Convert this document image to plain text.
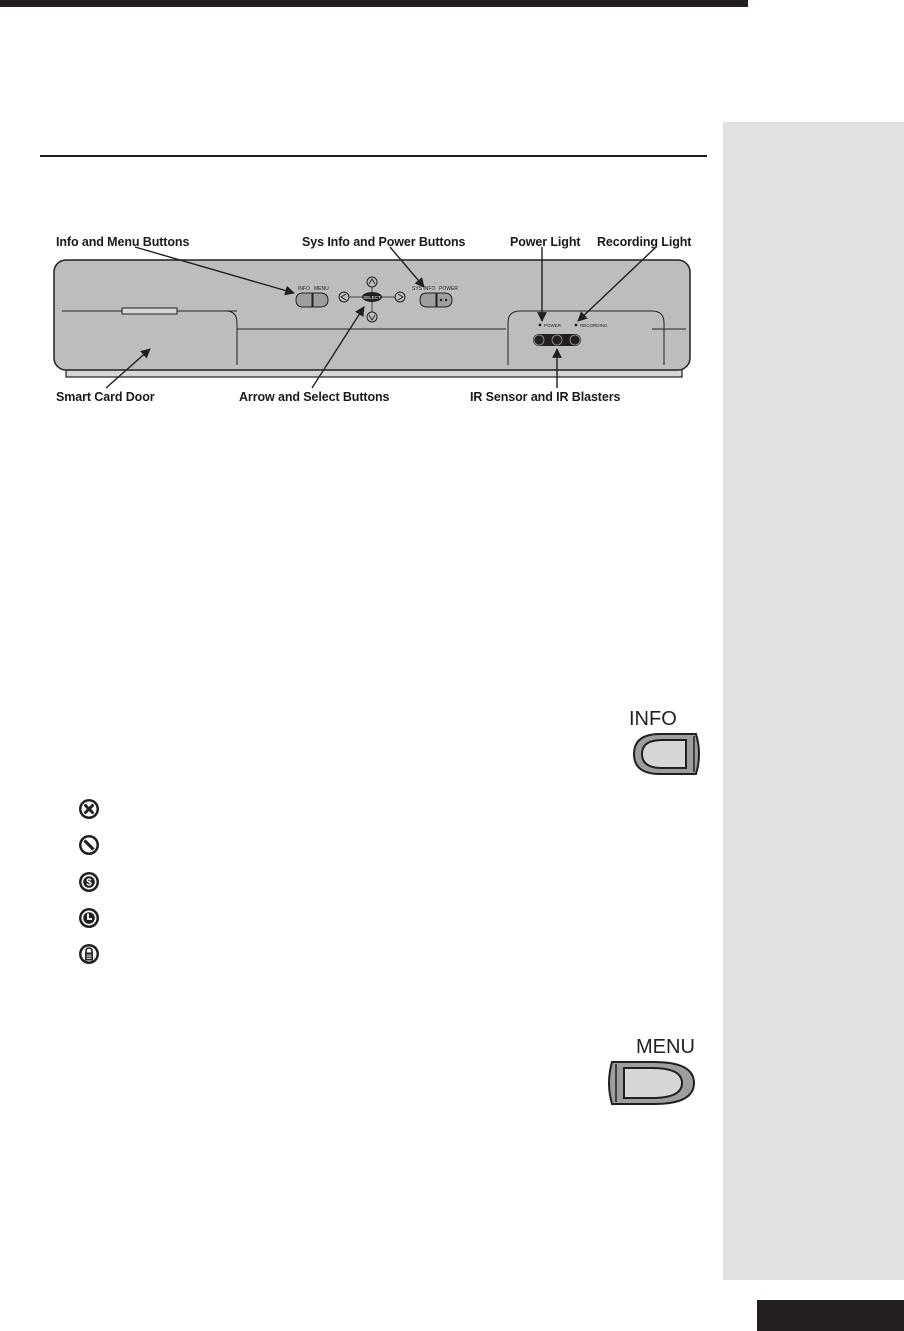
Info and Menu Buttons	Sys Info and Power Buttons	Power Light Recording Light
Smart Card Door	Arrow and Select Buttons	IR Sensor and IR Blasters
INFO MENU
SELECT
SYS INFO POWER
POWER	RECORDING
INFO
$
MENU
